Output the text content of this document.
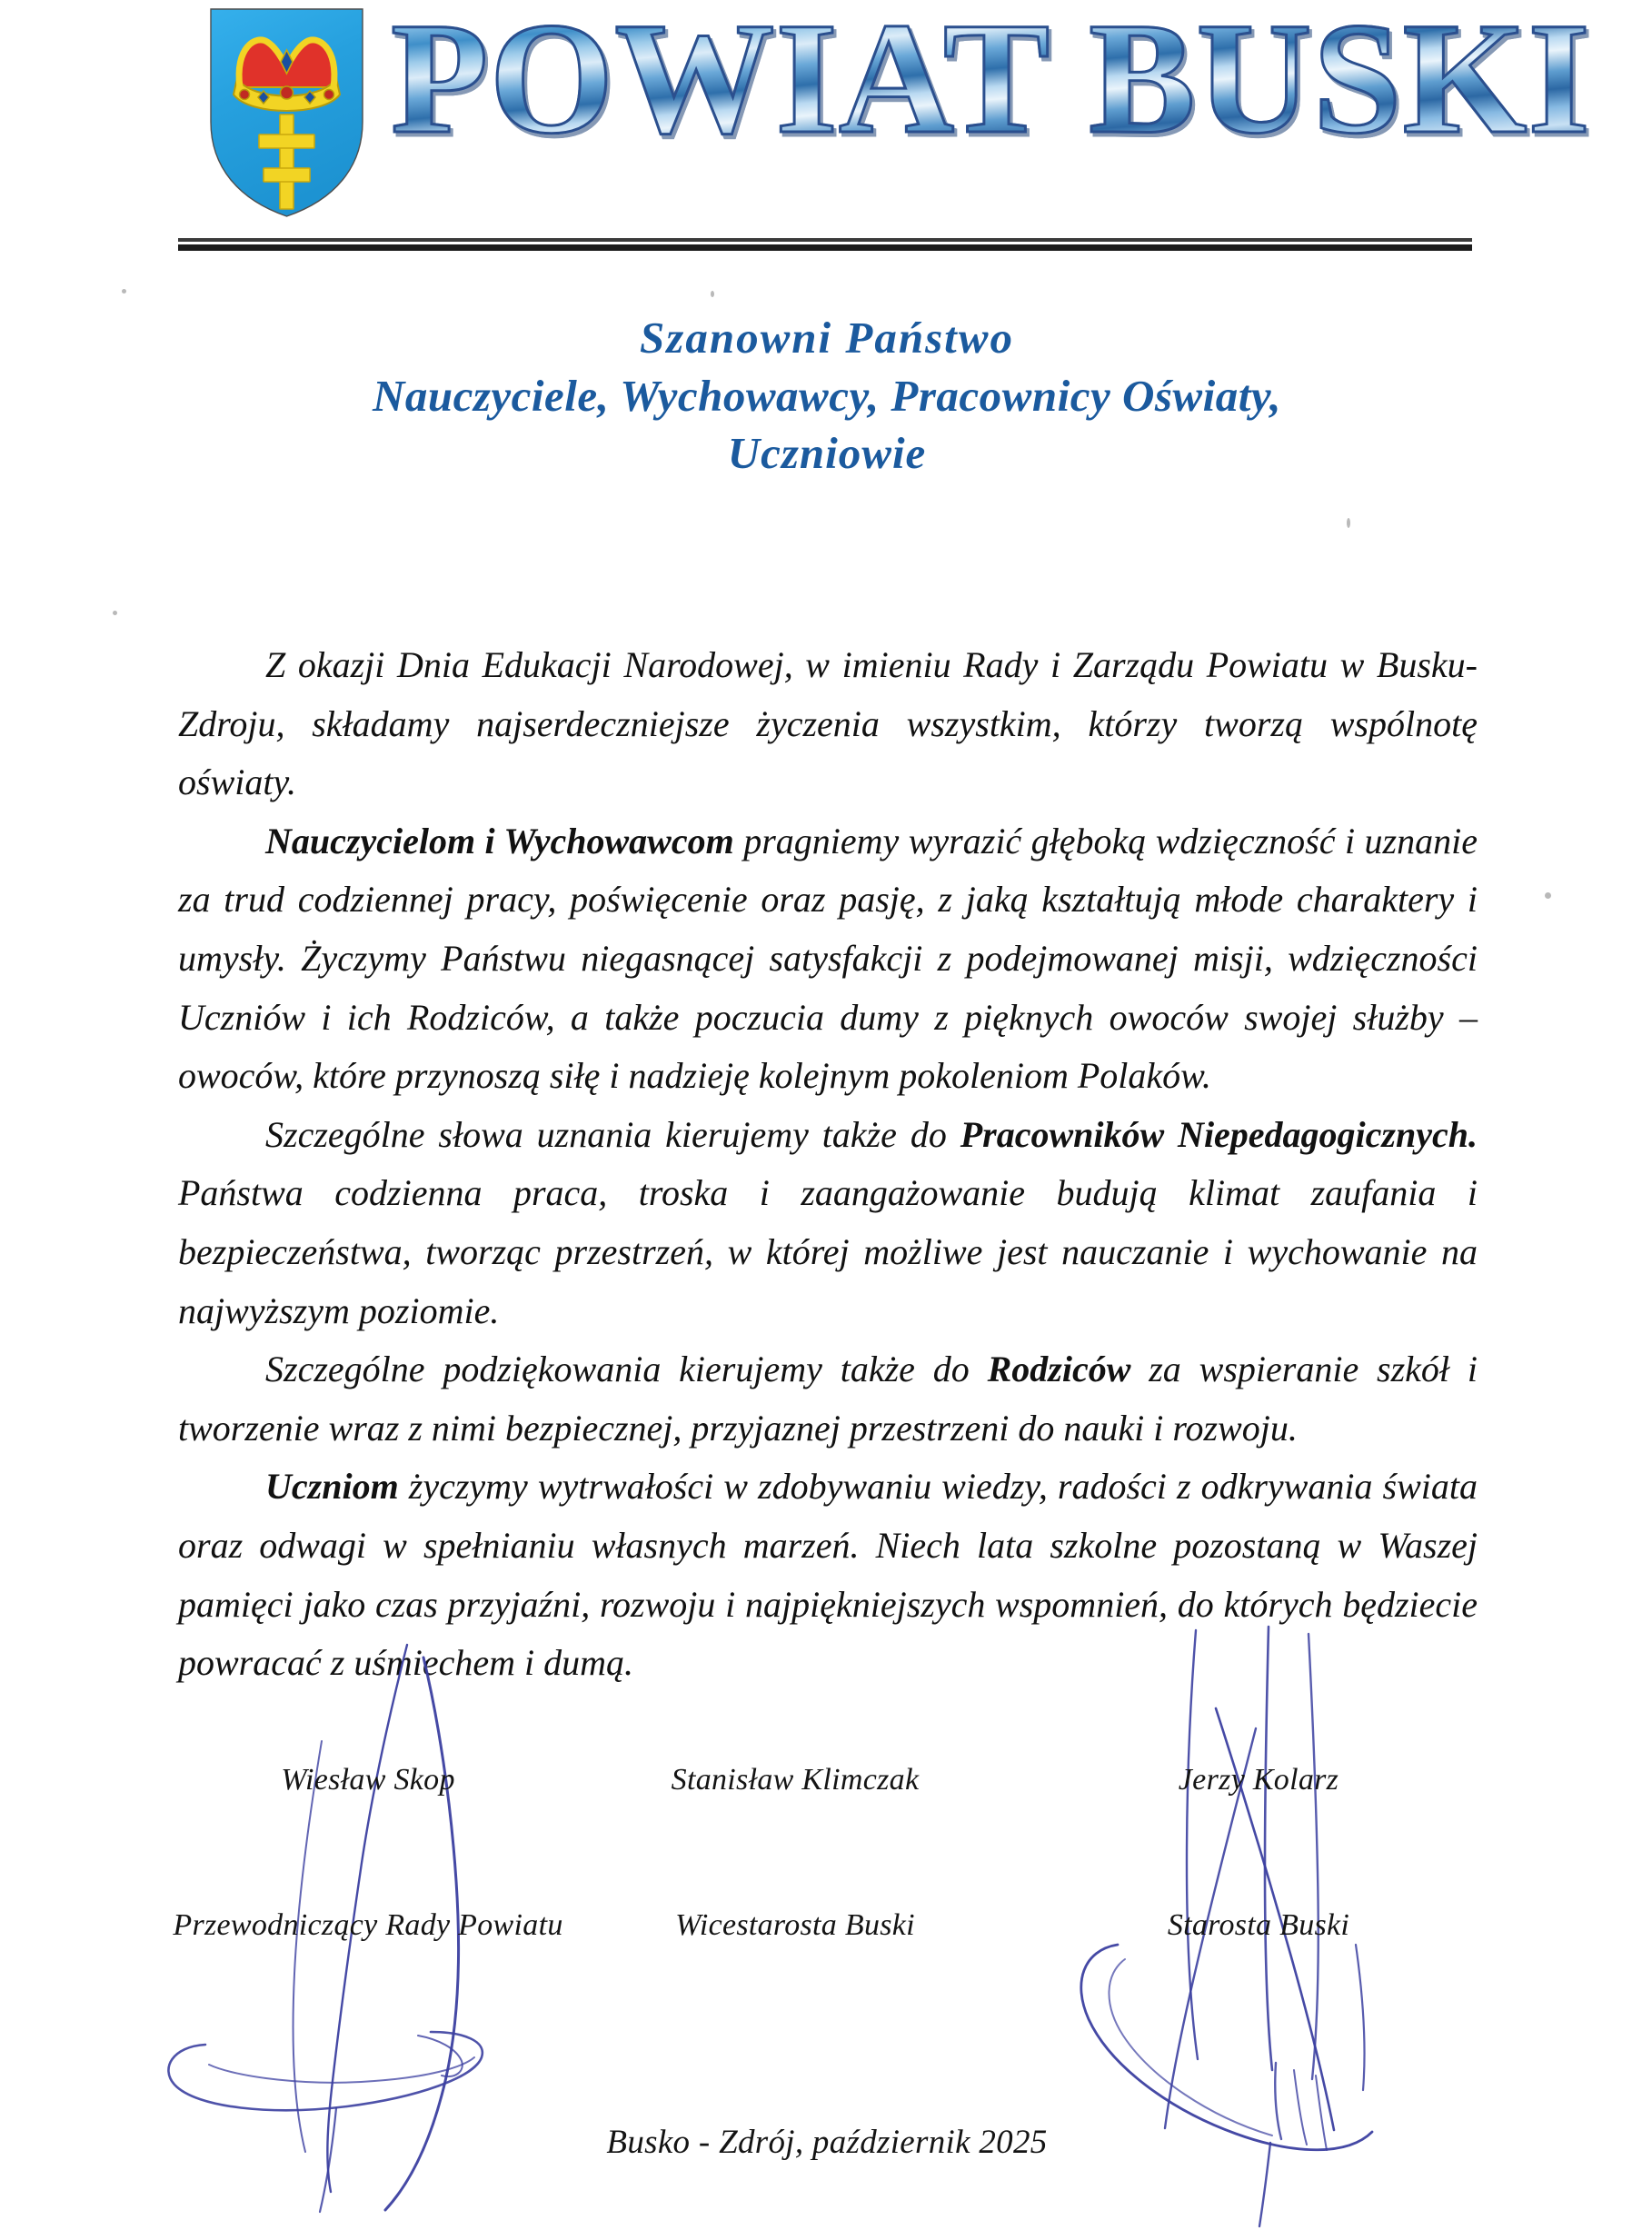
POWIAT BUSKI
Szanowni Państwo
Nauczyciele, Wychowawcy, Pracownicy Oświaty,
Uczniowie

Z okazji Dnia Edukacji Narodowej, w imieniu Rady i Zarządu Powiatu w Busku-Zdroju, składamy najserdeczniejsze życzenia wszystkim, którzy tworzą wspólnotę oświaty.

Nauczycielom i Wychowawcom pragniemy wyrazić głęboką wdzięczność i uznanie za trud codziennej pracy, poświęcenie oraz pasję, z jaką kształtują młode charaktery i umysły. Życzymy Państwu niegasnącej satysfakcji z podejmowanej misji, wdzięczności Uczniów i ich Rodziców, a także poczucia dumy z pięknych owoców swojej służby – owoców, które przynoszą siłę i nadzieję kolejnym pokoleniom Polaków.

Szczególne słowa uznania kierujemy także do Pracowników Niepedagogicznych. Państwa codzienna praca, troska i zaangażowanie budują klimat zaufania i bezpieczeństwa, tworząc przestrzeń, w której możliwe jest nauczanie i wychowanie na najwyższym poziomie.

Szczególne podziękowania kierujemy także do Rodziców za wspieranie szkół i tworzenie wraz z nimi bezpiecznej, przyjaznej przestrzeni do nauki i rozwoju.

Uczniom życzymy wytrwałości w zdobywaniu wiedzy, radości z odkrywania świata oraz odwagi w spełnianiu własnych marzeń. Niech lata szkolne pozostaną w Waszej pamięci jako czas przyjaźni, rozwoju i najpiękniejszych wspomnień, do których będziecie powracać z uśmiechem i dumą.

Wiesław Skop
Przewodniczący Rady Powiatu
Stanisław Klimczak
Wicestarosta Buski
Jerzy Kolarz
Starosta Buski
Busko - Zdrój, październik 2025
